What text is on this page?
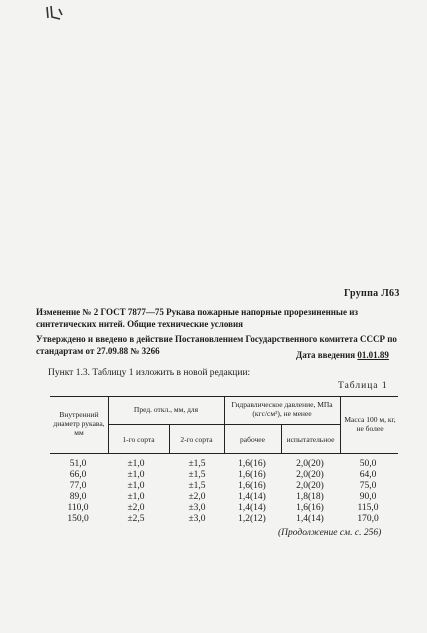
Группа Л63
Изменение № 2 ГОСТ 7877—75 Рукава пожарные напорные прорезиненные из синтетических нитей. Общие технические условия
Утверждено и введено в действие Постановлением Государственного комитета СССР по стандартам от 27.09.88 № 3266	Дата введения 01.01.89
Пункт 1.3. Таблицу 1 изложить в новой редакции:
Таблица 1
Внутренний диаметр рукава, мм
Пред. откл., мм, для
1-го сорта	2-го сорта
Гидравлическое давление, МПа (кгс/см²), не менее
рабочее	испытательное
Масса 100 м, кг, не более
51,0	±1,0	±1,5	1,6(16)	2,0(20)	50,0
66,0	±1,0	±1,5	1,6(16)	2,0(20)	64,0
77,0	±1,0	±1,5	1,6(16)	2,0(20)	75,0
89,0	±1,0	±2,0	1,4(14)	1,8(18)	90,0
110,0	±2,0	±3,0	1,4(14)	1,6(16)	115,0
150,0	±2,5	±3,0	1,2(12)	1,4(14)	170,0
(Продолжение см. с. 256)
